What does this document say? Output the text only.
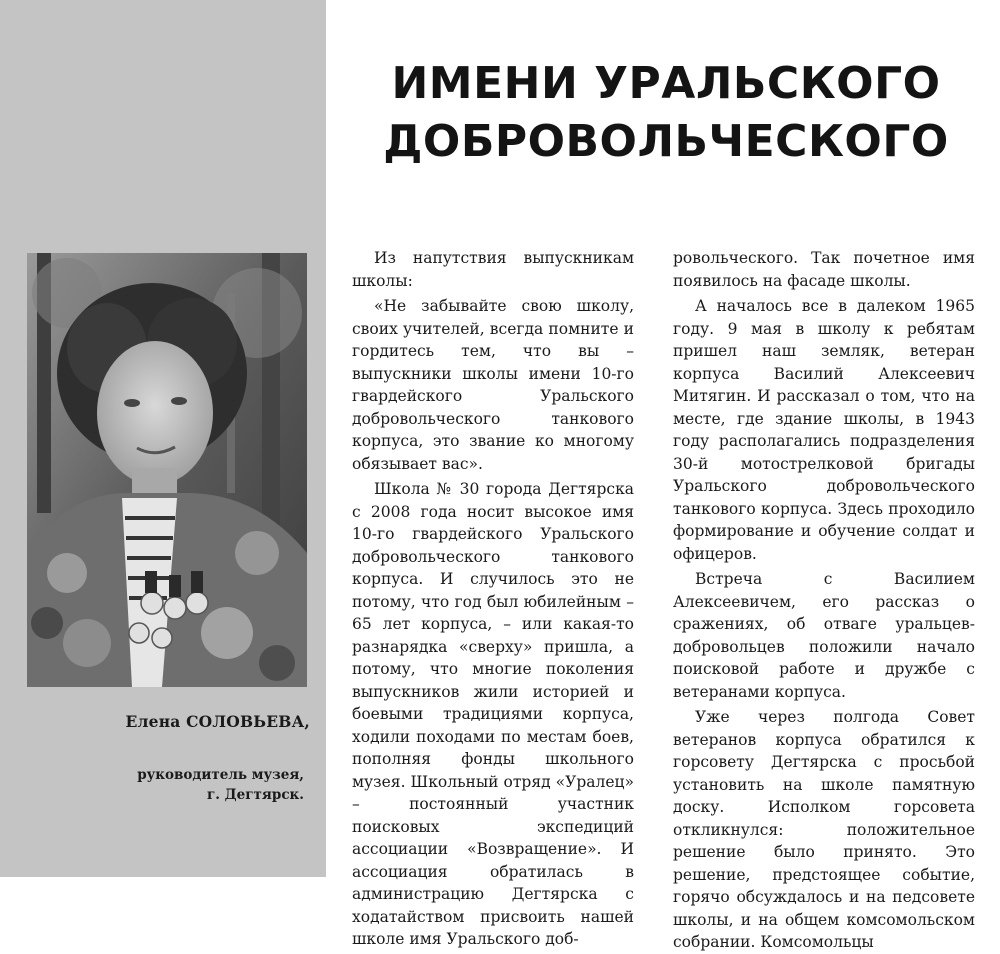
Елена СОЛОВЬЕВА,
руководитель музея,
г. Дегтярск.
ИМЕНИ УРАЛЬСКОГО
ДОБРОВОЛЬЧЕСКОГО

Из напутствия выпускникам школы:

«Не забывайте свою школу, своих учителей, всегда помните и гордитесь тем, что вы – выпускники школы имени 10-го гвардейского Уральского добровольческого танкового корпуса, это звание ко многому обязывает вас».

Школа № 30 города Дегтярска с 2008 года носит высокое имя 10-го гвардейского Уральского добровольческого танкового корпуса. И случилось это не потому, что год был юбилейным – 65 лет корпуса, – или какая-то разнарядка «сверху» пришла, а потому, что многие поколения выпускников жили историей и боевыми традициями корпуса, ходили походами по местам боев, пополняя фонды школьного музея. Школьный отряд «Уралец» – постоянный участник поисковых экспедиций ассоциации «Возвращение». И ассоциация обратилась в администрацию Дегтярска с ходатайством присвоить нашей школе имя Уральского доб-

ровольческого. Так почетное имя появилось на фасаде школы.

А началось все в далеком 1965 году. 9 мая в школу к ребятам пришел наш земляк, ветеран корпуса Василий Алексеевич Митягин. И рассказал о том, что на месте, где здание школы, в 1943 году располагались подразделения 30-й мотострелковой бригады Уральского добровольческого танкового корпуса. Здесь проходило формирование и обучение солдат и офицеров.

Встреча с Василием Алексеевичем, его рассказ о сражениях, об отваге уральцев-добровольцев положили начало поисковой работе и дружбе с ветеранами корпуса.

Уже через полгода Совет ветеранов корпуса обратился к горсовету Дегтярска с просьбой установить на школе памятную доску. Исполком горсовета откликнулся: положительное решение было принято. Это решение, предстоящее событие, горячо обсуждалось и на педсовете школы, и на общем комсомольском собрании. Комсомольцы
